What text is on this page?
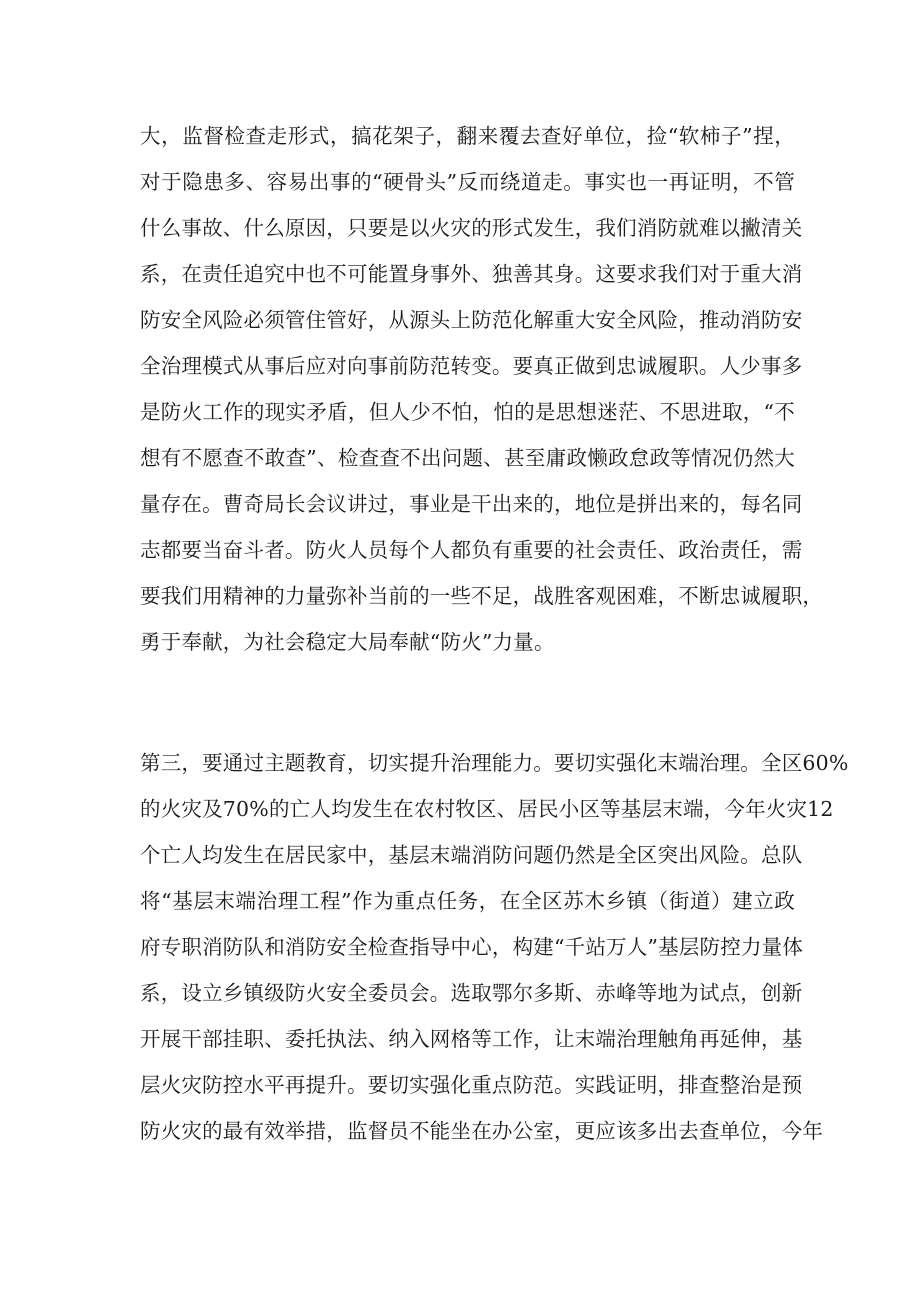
大，监督检查走形式，搞花架子，翻来覆去查好单位，捡“软柿子”捏，
对于隐患多、容易出事的“硬骨头”反而绕道走。事实也一再证明，不管
什么事故、什么原因，只要是以火灾的形式发生，我们消防就难以撇清关
系，在责任追究中也不可能置身事外、独善其身。这要求我们对于重大消
防安全风险必须管住管好，从源头上防范化解重大安全风险，推动消防安
全治理模式从事后应对向事前防范转变。要真正做到忠诚履职。人少事多
是防火工作的现实矛盾，但人少不怕，怕的是思想迷茫、不思进取，“不
想有不愿查不敢查”、检查查不出问题、甚至庸政懒政怠政等情况仍然大
量存在。曹奇局长会议讲过，事业是干出来的，地位是拼出来的，每名同
志都要当奋斗者。防火人员每个人都负有重要的社会责任、政治责任，需
要我们用精神的力量弥补当前的一些不足，战胜客观困难，不断忠诚履职，
勇于奉献，为社会稳定大局奉献“防火”力量。
第三，要通过主题教育，切实提升治理能力。要切实强化末端治理。全区60%
的火灾及70%的亡人均发生在农村牧区、居民小区等基层末端，今年火灾12
个亡人均发生在居民家中，基层末端消防问题仍然是全区突出风险。总队
将“基层末端治理工程”作为重点任务，在全区苏木乡镇（街道）建立政
府专职消防队和消防安全检查指导中心，构建“千站万人”基层防控力量体
系，设立乡镇级防火安全委员会。选取鄂尔多斯、赤峰等地为试点，创新
开展干部挂职、委托执法、纳入网格等工作，让末端治理触角再延伸，基
层火灾防控水平再提升。要切实强化重点防范。实践证明，排查整治是预
防火灾的最有效举措，监督员不能坐在办公室，更应该多出去查单位，今年
